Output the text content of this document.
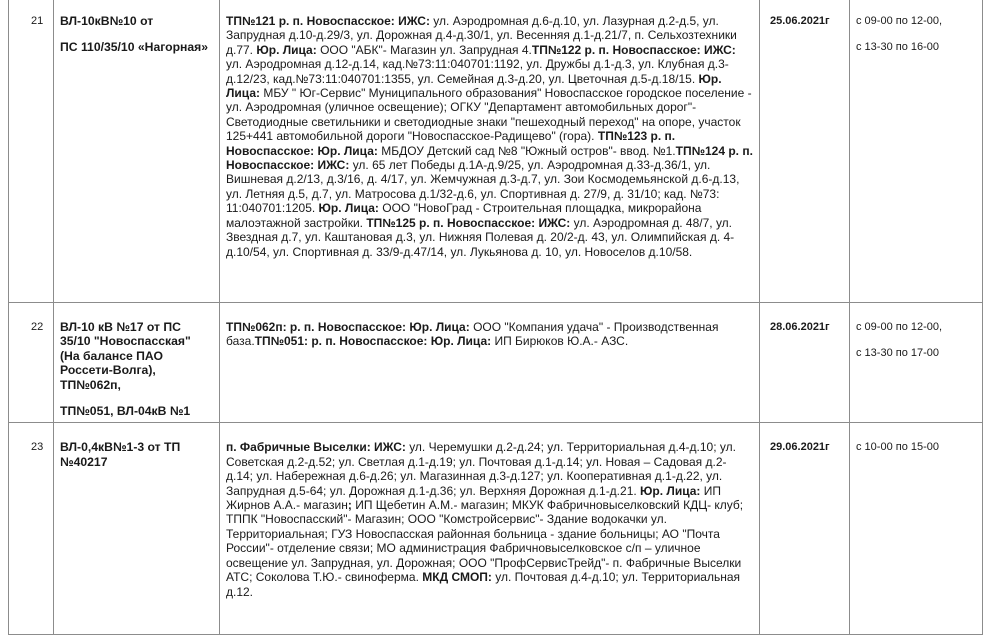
21	ВЛ-10кВ№10 от
ПС 110/35/10 «Нагорная»	ТП№121 р. п. Новоспасское: ИЖС: ул. Аэродромная д.6-д.10, ул. Лазурная д.2-д.5, ул. Запрудная д.10-д.29/3, ул. Дорожная д.4-д.30/1, ул. Весенняя д.1-д.21/7, п. Сельхозтехники д.77. Юр. Лица: ООО "АБК"- Магазин ул. Запрудная 4.ТП№122 р. п. Новоспасское: ИЖС: ул. Аэродромная д.12-д.14, кад.№73:11:040701:1192, ул. Дружбы д.1-д.3, ул. Клубная д.3-д.12/23, кад.№73:11:040701:1355, ул. Семейная д.3-д.20, ул. Цветочная д.5-д.18/15. Юр. Лица: МБУ " Юг-Сервис" Муниципального образования" Новоспасское городское поселение - ул. Аэродромная (уличное освещение); ОГКУ "Департамент автомобильных дорог"- Светодиодные светильники и светодиодные знаки "пешеходный переход" на опоре, участок 125+441 автомобильной дороги "Новоспасское-Радищево" (гора). ТП№123 р. п. Новоспасское: Юр. Лица: МБДОУ Детский сад №8 "Южный остров"- ввод. №1.ТП№124 р. п. Новоспасское: ИЖС: ул. 65 лет Победы д.1А-д.9/25, ул. Аэродромная д.33-д.36/1, ул. Вишневая д.2/13, д.3/16, д. 4/17, ул. Жемчужная д.3-д.7, ул. Зои Космодемьянской д.6-д.13, ул. Летняя д.5, д.7, ул. Матросова д.1/32-д.6, ул. Спортивная д. 27/9, д. 31/10; кад. №73: 11:040701:1205. Юр. Лица: ООО "НовоГрад - Строительная площадка, микрорайона малоэтажной застройки. ТП№125 р. п. Новоспасское: ИЖС: ул. Аэродромная д. 48/7, ул. Звездная д.7, ул. Каштановая д.3, ул. Нижняя Полевая д. 20/2-д. 43, ул. Олимпийская д. 4-д.10/54, ул. Спортивная д. 33/9-д.47/14, ул. Лукьянова д. 10, ул. Новоселов д.10/58.	25.06.2021г	с 09-00 по 12-00,
с 13-30 по 16-00

22	ВЛ-10 кВ №17 от ПС 35/10 "Новоспасская" (На балансе ПАО Россети-Волга), ТП№062п,
ТП№051, ВЛ-04кВ №1	ТП№062п: р. п. Новоспасское: Юр. Лица: ООО "Компания удача" - Производственная база.ТП№051: р. п. Новоспасское: Юр. Лица: ИП Бирюков Ю.А.- АЗС.	28.06.2021г	с 09-00 по 12-00,
с 13-30 по 17-00

23	ВЛ-0,4кВ№1-3 от ТП №40217	п. Фабричные Выселки: ИЖС: ул. Черемушки д.2-д.24; ул. Территориальная д.4-д.10; ул. Советская д.2-д.52; ул. Светлая д.1-д.19; ул. Почтовая д.1-д.14; ул. Новая – Садовая д.2-д.14; ул. Набережная д.6-д.26; ул. Магазинная д.3-д.127; ул. Кооперативная д.1-д.22, ул. Запрудная д.5-64; ул. Дорожная д.1-д.36; ул. Верхняя Дорожная д.1-д.21. Юр. Лица: ИП Жирнов А.А.- магазин; ИП Щебетин А.М.- магазин; МКУК Фабричновыселковский КДЦ- клуб; ТППК "Новоспасский"- Магазин; ООО "Комстройсервис"- Здание водокачки ул. Территориальная; ГУЗ Новоспасская районная больница - здание больницы; АО "Почта России"- отделение связи; МО администрация Фабричновыселковское с/п – уличное освещение ул. Запрудная, ул. Дорожная; ООО "ПрофСервисТрейд"- п. Фабричные Выселки АТС; Соколова Т.Ю.- свиноферма. МКД СМОП: ул. Почтовая д.4-д.10; ул. Территориальная д.12.	29.06.2021г	с 10-00 по 15-00
